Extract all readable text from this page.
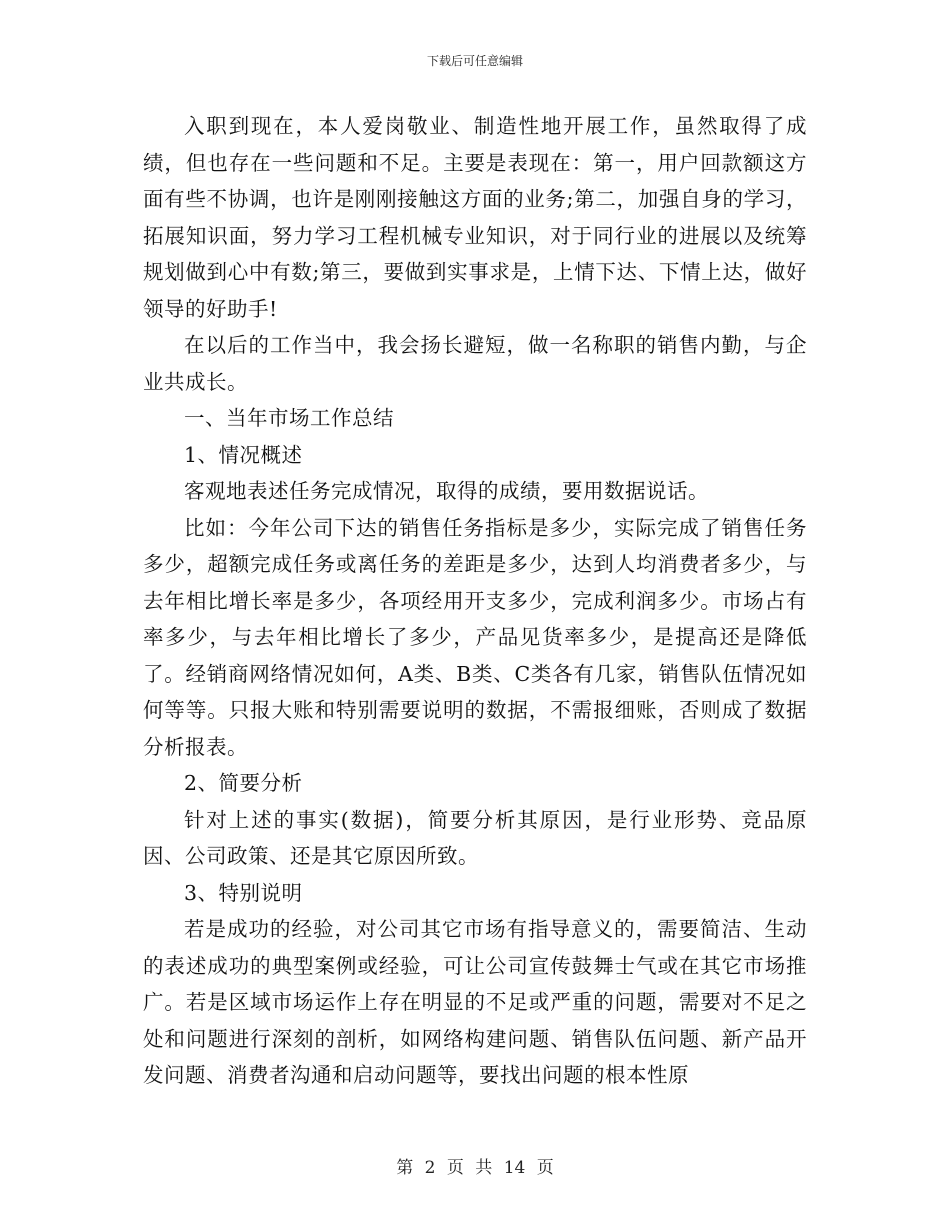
下载后可任意编辑

入职到现在，本人爱岗敬业、制造性地开展工作，虽然取得了成绩，但也存在一些问题和不足。主要是表现在：第一，用户回款额这方面有些不协调，也许是刚刚接触这方面的业务;第二，加强自身的学习，拓展知识面，努力学习工程机械专业知识，对于同行业的进展以及统筹规划做到心中有数;第三，要做到实事求是，上情下达、下情上达，做好领导的好助手!

在以后的工作当中，我会扬长避短，做一名称职的销售内勤，与企业共成长。

一、当年市场工作总结

1、情况概述

客观地表述任务完成情况，取得的成绩，要用数据说话。

比如：今年公司下达的销售任务指标是多少，实际完成了销售任务多少，超额完成任务或离任务的差距是多少，达到人均消费者多少，与去年相比增长率是多少，各项经用开支多少，完成利润多少。市场占有率多少，与去年相比增长了多少，产品见货率多少，是提高还是降低了。经销商网络情况如何，A类、B类、C类各有几家，销售队伍情况如何等等。只报大账和特别需要说明的数据，不需报细账，否则成了数据分析报表。

2、简要分析

针对上述的事实(数据)，简要分析其原因，是行业形势、竞品原因、公司政策、还是其它原因所致。

3、特别说明

若是成功的经验，对公司其它市场有指导意义的，需要简洁、生动的表述成功的典型案例或经验，可让公司宣传鼓舞士气或在其它市场推广。若是区域市场运作上存在明显的不足或严重的问题，需要对不足之处和问题进行深刻的剖析，如网络构建问题、销售队伍问题、新产品开发问题、消费者沟通和启动问题等，要找出问题的根本性原

第 2 页 共 14 页
